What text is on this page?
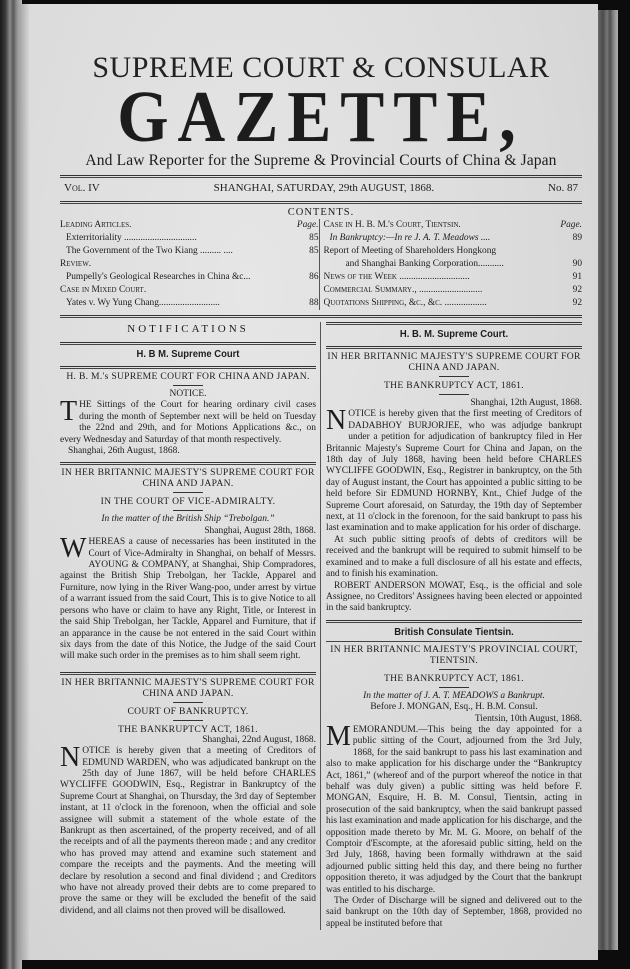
SUPREME COURT & CONSULAR
GAZETTE,
And Law Reporter for the Supreme & Provincial Courts of China & Japan
Vol. IV	SHANGHAI, SATURDAY, 29th AUGUST, 1868.	No. 87
CONTENTS.
Leading Articles.	Page.
Exterritoriality ...............................	85
The Government of the Two Kiang ......... ....	85
Review.
Pumpelly's Geological Researches in China &c...	86
Case in Mixed Court.
Yates v. Wy Yung Chang..........................	88
Case in H. B. M.'s Court, Tientsin.	Page.
In Bankruptcy:—In re J. A. T. Meadows ....	89
Report of Meeting of Shareholders Hongkong
and Shanghai Banking Corporation...........	90
News of the Week ..............................	91
Commercial Summary., ...........................	92
Quotations Shipping, &c., &c. ..................	92
NOTIFICATIONS
H. B M. Supreme Court
H. B. M.'s SUPREME COURT FOR CHINA AND JAPAN.
NOTICE.

THE Sittings of the Court for hearing ordinary civil cases during the month of September next will be held on Tuesday the 22nd and 29th, and for Motions Applications &c., on every Wednesday and Saturday of that month respectively.

Shanghai, 26th August, 1868.

IN HER BRITANNIC MAJESTY'S SUPREME COURT FOR CHINA AND JAPAN.
IN THE COURT OF VICE-ADMIRALTY.

In the matter of the British Ship “Trebolgan.”

Shanghai, August 28th, 1868.

WHEREAS a cause of necessaries has been instituted in the Court of Vice-Admiralty in Shanghai, on behalf of Messrs. AYOUNG & COMPANY, at Shanghai, Ship Compradores, against the British Ship Trebolgan, her Tackle, Apparel and Furniture, now lying in the River Wang-poo, under arrest by virtue of a warrant issued from the said Court, This is to give Notice to all persons who have or claim to have any Right, Title, or Interest in the said Ship Trebolgan, her Tackle, Apparel and Furniture, that if an apparance in the cause be not entered in the said Court within six days from the date of this Notice, the Judge of the said Court will make such order in the premises as to him shall seem right.

IN HER BRITANNIC MAJESTY'S SUPREME COURT FOR CHINA AND JAPAN.
COURT OF BANKRUPTCY.
THE BANKRUPTCY ACT, 1861.

Shanghai, 22nd August, 1868.

NOTICE is hereby given that a meeting of Creditors of EDMUND WARDEN, who was adjudicated bankrupt on the 25th day of June 1867, will be held before CHARLES WYCLIFFE GOODWIN, Esq., Registrar in Bankruptcy of the Supreme Court at Shanghai, on Thursday, the 3rd day of September instant, at 11 o'clock in the forenoon, when the official and sole assignee will submit a statement of the whole estate of the Bankrupt as then ascertained, of the property received, and of all the receipts and of all the payments thereon made ; and any creditor who has proved may attend and examine such statement and compare the receipts and the payments. And the meeting will declare by resolution a second and final dividend ; and Creditors who have not already proved their debts are to come prepared to prove the same or they will be excluded the benefit of the said dividend, and all claims not then proved will be disallowed.

H. B. M. Supreme Court.
IN HER BRITANNIC MAJESTY'S SUPREME COURT FOR CHINA AND JAPAN.
THE BANKRUPTCY ACT, 1861.

Shanghai, 12th August, 1868.

NOTICE is hereby given that the first meeting of Creditors of DADABHOY BURJORJEE, who was adjudge bankrupt under a petition for adjudication of bankruptcy filed in Her Britannic Majesty's Supreme Court for China and Japan, on the 18th day of July 1868, having been held before CHARLES WYCLIFFE GOODWIN, Esq., Registrer in bankruptcy, on the 5th day of August instant, the Court has appointed a public sitting to be held before Sir EDMUND HORNBY, Knt., Chief Judge of the Supreme Court aforesaid, on Saturday, the 19th day of September next, at 11 o'clock in the forenoon, for the said bankrupt to pass his last examination and to make application for his order of discharge.

At such public sitting proofs of debts of creditors will be received and the bankrupt will be required to submit himself to be examined and to make a full disclosure of all his estate and effects, and to finish his examination.

ROBERT ANDERSON MOWAT, Esq., is the official and sole Assignee, no Creditors' Assignees having been elected or appointed in the said bankruptcy.

British Consulate Tientsin.
IN HER BRITANNIC MAJESTY'S PROVINCIAL COURT, TIENTSIN.
THE BANKRUPTCY ACT, 1861.

In the matter of J. A. T. MEADOWS a Bankrupt.

Before J. MONGAN, Esq., H. B.M. Consul.

Tientsin, 10th August, 1868.

MEMORANDUM.—This being the day appointed for a public sitting of the Court, adjourned from the 3rd July, 1868, for the said bankrupt to pass his last examination and also to make application for his discharge under the “Bankruptcy Act, 1861,” (whereof and of the purport whereof the notice in that behalf was duly given) a public sitting was held before F. MONGAN, Esquire, H. B. M. Consul, Tientsin, acting in prosecution of the said bankruptcy, when the said bankrupt passed his last examination and made application for his discharge, and the opposition made thereto by Mr. M. G. Moore, on behalf of the Comptoir d'Escompte, at the aforesaid public sitting, held on the 3rd July, 1868, having been formally withdrawn at the said adjourned public sitting held this day, and there being no further opposition thereto, it was adjudged by the Court that the bankrupt was entitled to his discharge.

The Order of Discharge will be signed and delivered out to the said bankrupt on the 10th day of September, 1868, provided no appeal be instituted before that
